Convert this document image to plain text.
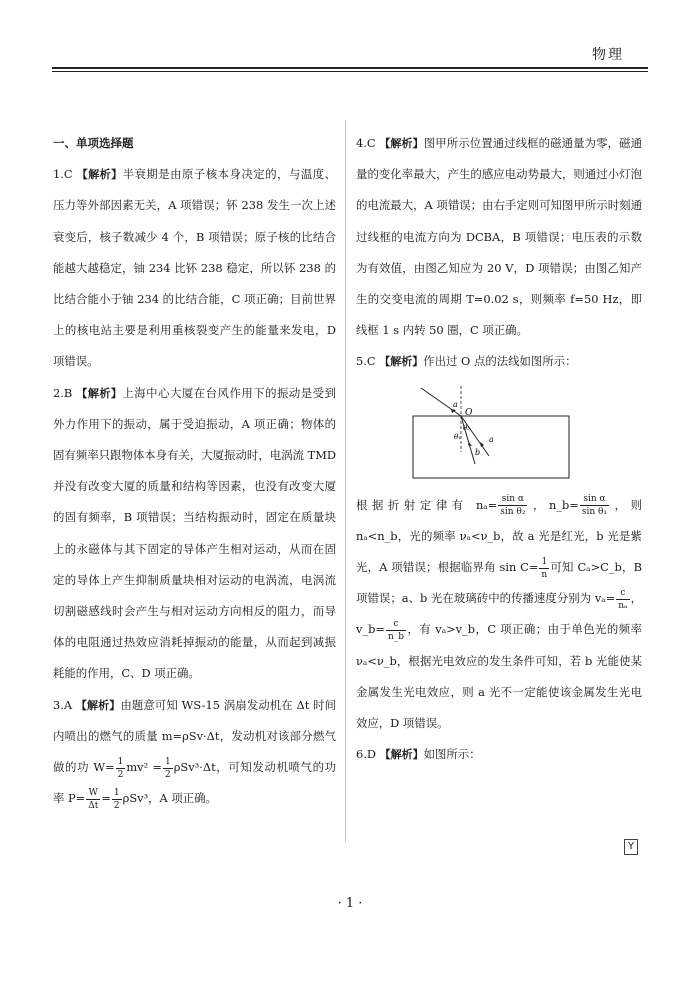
物理

一、单项选择题

1.C 【解析】半衰期是由原子核本身决定的，与温度、压力等外部因素无关，A 项错误；钚 238 发生一次上述衰变后，核子数减少 4 个，B 项错误；原子核的比结合能越大越稳定，铀 234 比钚 238 稳定，所以钚 238 的比结合能小于铀 234 的比结合能，C 项正确；目前世界上的核电站主要是利用重核裂变产生的能量来发电，D 项错误。

2.B 【解析】上海中心大厦在台风作用下的振动是受到外力作用下的振动，属于受迫振动，A 项正确；物体的固有频率只跟物体本身有关，大厦振动时，电涡流 TMD 并没有改变大厦的质量和结构等因素，也没有改变大厦的固有频率，B 项错误；当结构振动时，固定在质量块上的永磁体与其下固定的导体产生相对运动，从而在固定的导体上产生抑制质量块相对运动的电涡流，电涡流切割磁感线时会产生与相对运动方向相反的阻力，而导体的电阻通过热效应消耗掉振动的能量，从而起到减振耗能的作用，C、D 项正确。

3.A 【解析】由题意可知 WS-15 涡扇发动机在 Δt 时间内喷出的燃气的质量 m=ρSv·Δt，发动机对该部分燃气做的功 $W= \frac{1}{2} mv^2 = \frac{1}{2} \rho Sv^3\cdot\Delta t$，可知发动机喷气的功率 $P= \frac{W}{\Delta t} = \frac{1}{2} \rho Sv^3$，A 项正确。

4.C 【解析】图甲所示位置通过线框的磁通量为零，磁通量的变化率最大，产生的感应电动势最大，则通过小灯泡的电流最大，A 项错误；由右手定则可知图甲所示时刻通过线框的电流方向为 DCBA，B 项错误；电压表的示数为有效值，由图乙知应为 20 V，D 项错误；由图乙知产生的交变电流的周期 T=0.02 s，则频率 f=50 Hz，即线框 1 s 内转 50 圈，C 项正确。

5.C 【解析】作出过 O 点的法线如图所示：

a
O
θ₂
θ₁	a
b

根据折射定律有 $n_a= \frac{\text{sin α}}{\text{sin θ₂}}$ ，n_b= $\frac{\text{sin α}}{\text{sin θ₁}}$ ，则 nₐ<n_b，光的频率 νₐ<ν_b，故 a 光是红光，b 光是紫光，A 项错误；根据临界角 $\sin C= \frac{1}{n}$ 可知 Cₐ>C_b，B 项错误；a、b 光在玻璃砖中的传播速度分别为 $v_a= \frac{c}{\text{nₐ}}$ ，v_b= $\frac{c}{n\_b}$ ，有 vₐ>v_b，C 项正确；由于单色光的频率 νₐ<ν_b，根据光电效应的发生条件可知，若 b 光能使某金属发生光电效应，则 a 光不一定能使该金属发生光电效应，D 项错误。

6.D 【解析】如图所示：

Y
· 1 ·
